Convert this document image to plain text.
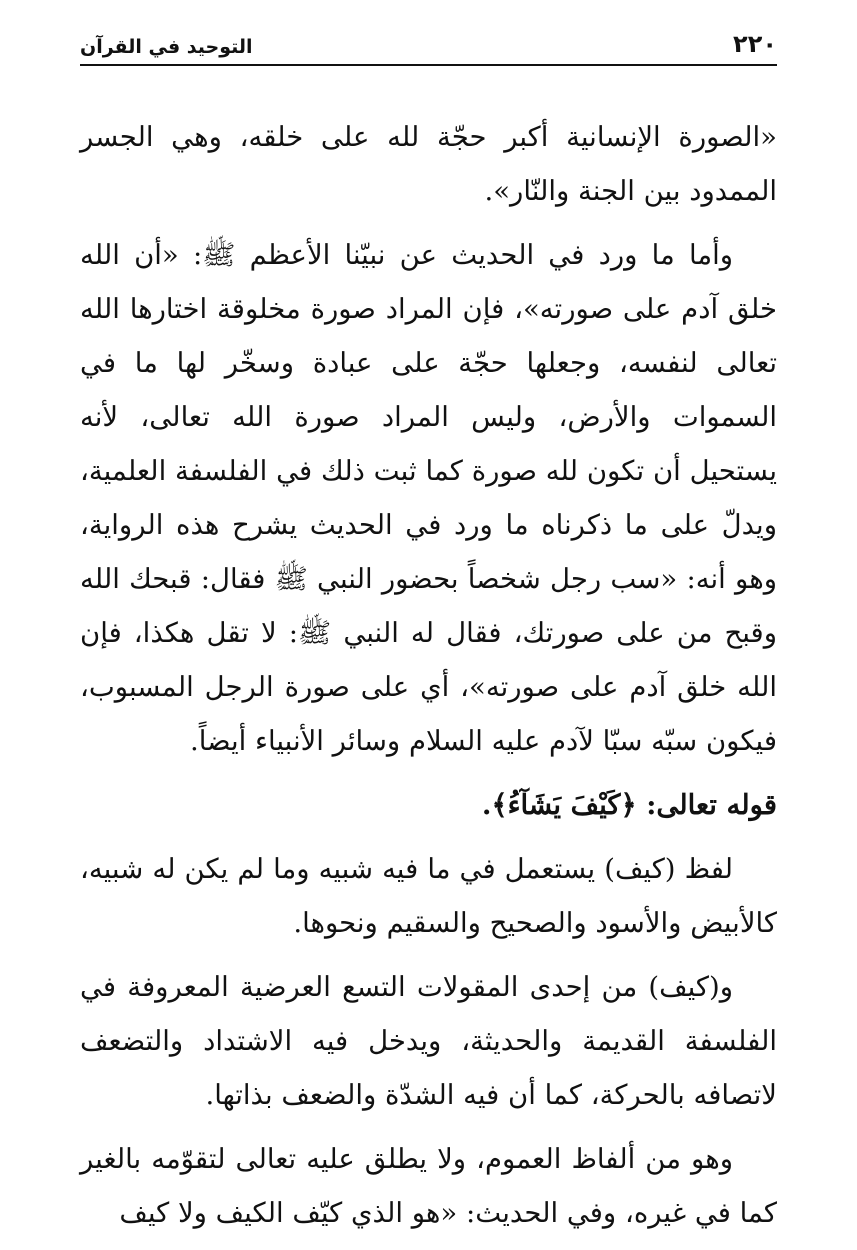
٢٢٠
التوحيد في القرآن

«الصورة الإنسانية أكبر حجّة لله على خلقه، وهي الجسر الممدود بين الجنة والنّار».

وأما ما ورد في الحديث عن نبيّنا الأعظم ﷺ: «أن الله خلق آدم على صورته»، فإن المراد صورة مخلوقة اختارها الله تعالى لنفسه، وجعلها حجّة على عبادة وسخّر لها ما في السموات والأرض، وليس المراد صورة الله تعالى، لأنه يستحيل أن تكون لله صورة كما ثبت ذلك في الفلسفة العلمية، ويدلّ على ما ذكرناه ما ورد في الحديث يشرح هذه الرواية، وهو أنه: «سب رجل شخصاً بحضور النبي ﷺ فقال: قبحك الله وقبح من على صورتك، فقال له النبي ﷺ: لا تقل هكذا، فإن الله خلق آدم على صورته»، أي على صورة الرجل المسبوب، فيكون سبّه سبّا لآدم عليه السلام وسائر الأنبياء أيضاً.

قوله تعالى: ﴿كَيْفَ يَشَآءُ﴾.

لفظ (كيف) يستعمل في ما فيه شبيه وما لم يكن له شبيه، كالأبيض والأسود والصحيح والسقيم ونحوها.

و(كيف) من إحدى المقولات التسع العرضية المعروفة في الفلسفة القديمة والحديثة، ويدخل فيه الاشتداد والتضعف لاتصافه بالحركة، كما أن فيه الشدّة والضعف بذاتها.

وهو من ألفاظ العموم، ولا يطلق عليه تعالى لتقوّمه بالغير كما في غيره، وفي الحديث: «هو الذي كيّف الكيف ولا كيف
